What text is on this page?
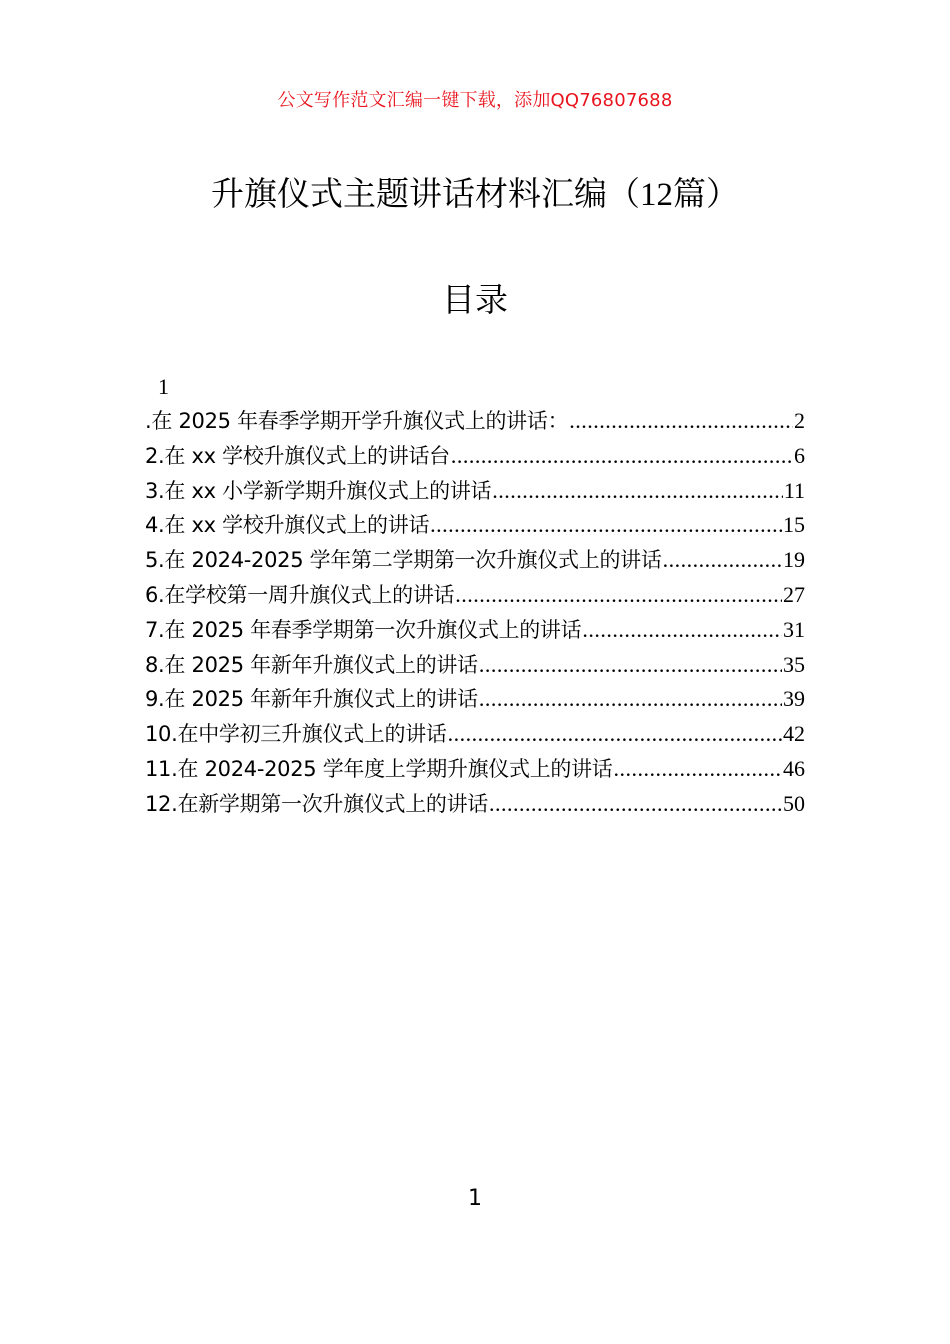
公文写作范文汇编一键下载，添加QQ76807688
升旗仪式主题讲话材料汇编（12篇）
目录
1
.在 2025 年春季学期开学升旗仪式上的讲话： .....	2
2.在 xx 学校升旗仪式上的讲话台 .....	6
3.在 xx 小学新学期升旗仪式上的讲话 .....	11
4.在 xx 学校升旗仪式上的讲话 .....	15
5.在 2024-2025 学年第二学期第一次升旗仪式上的讲话 .....	19
6.在学校第一周升旗仪式上的讲话 .....	27
7.在 2025 年春季学期第一次升旗仪式上的讲话 .....	31
8.在 2025 年新年升旗仪式上的讲话 .....	35
9.在 2025 年新年升旗仪式上的讲话 .....	39
10.在中学初三升旗仪式上的讲话 .....	42
11.在 2024-2025 学年度上学期升旗仪式上的讲话 .....	46
12.在新学期第一次升旗仪式上的讲话 .....	50
1
